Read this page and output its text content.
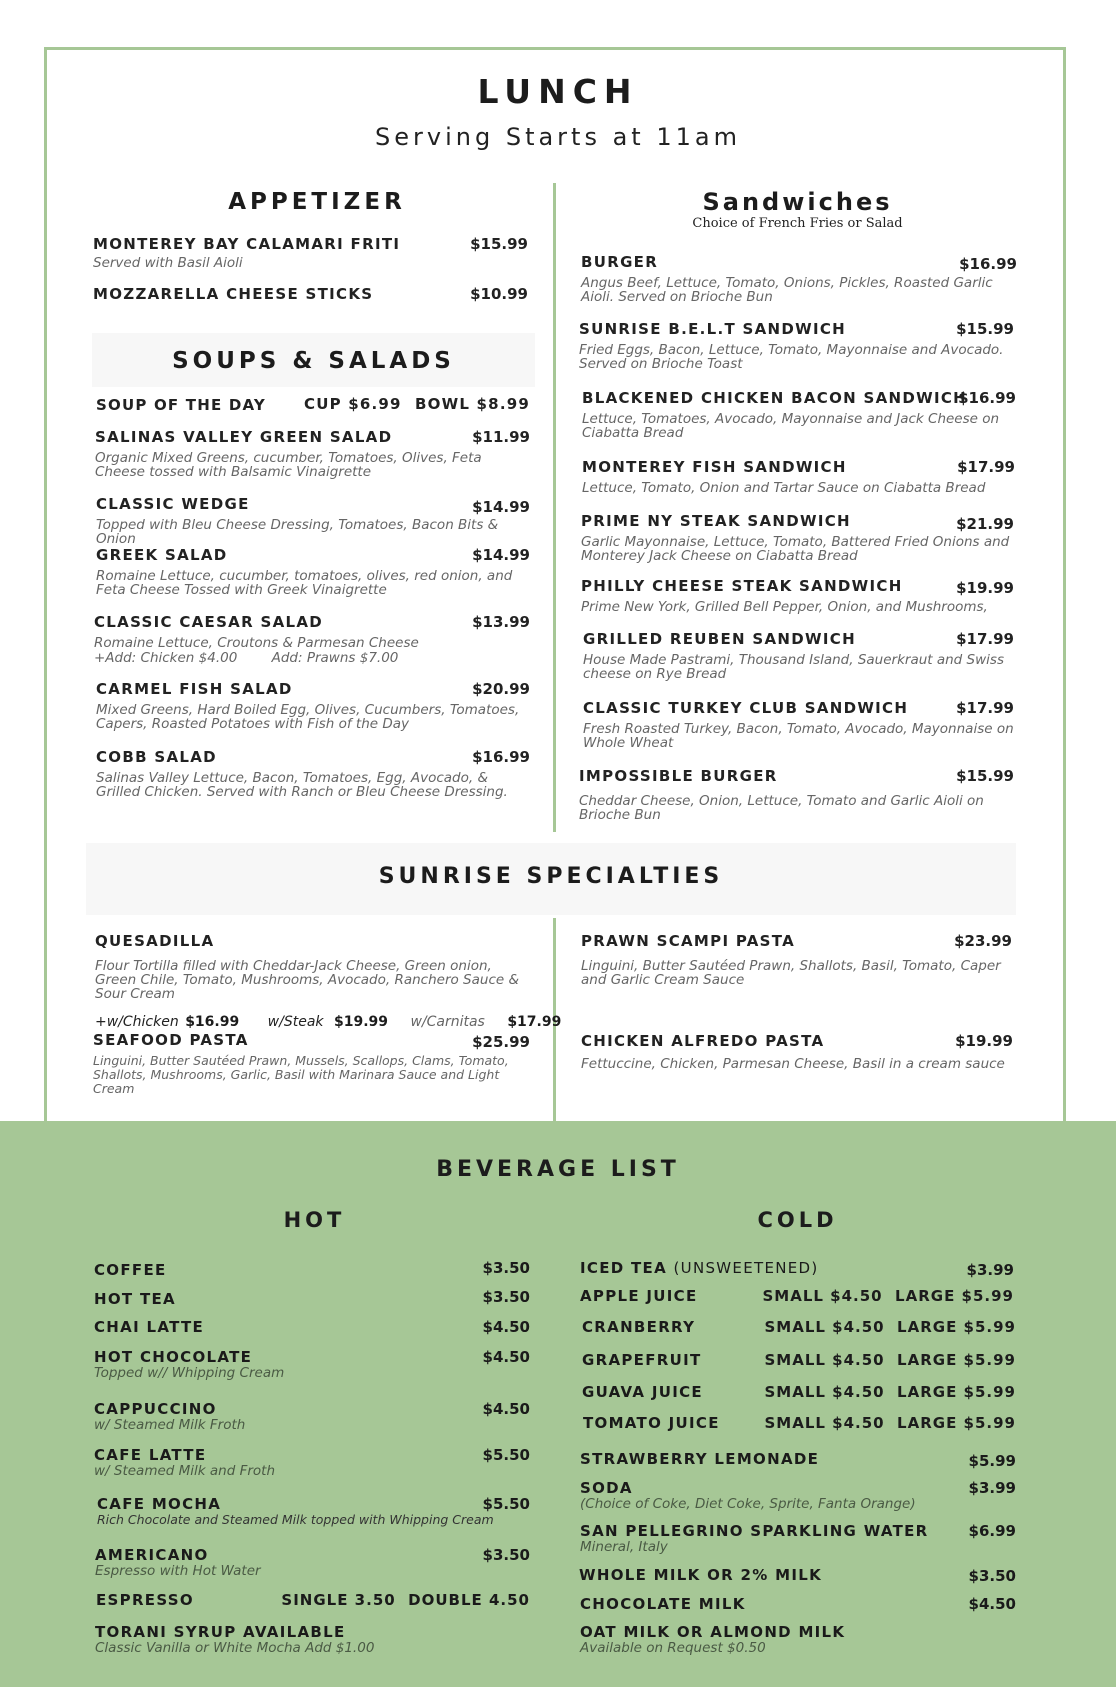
LUNCH

Serving Starts at 11am

APPETIZER
MONTEREY BAY CALAMARI FRITI	$15.99
Served with Basil Aioli
MOZZARELLA CHEESE STICKS	$10.99
SOUPS & SALADS
SOUP OF THE DAY	CUP $6.99 BOWL $8.99
SALINAS VALLEY GREEN SALAD	$11.99
Organic Mixed Greens, cucumber, Tomatoes, Olives, Feta Cheese tossed with Balsamic Vinaigrette
CLASSIC WEDGE	$14.99
Topped with Bleu Cheese Dressing, Tomatoes, Bacon Bits & Onion
GREEK SALAD	$14.99
Romaine Lettuce, cucumber, tomatoes, olives, red onion, and Feta Cheese Tossed with Greek Vinaigrette
CLASSIC CAESAR SALAD	$13.99
Romaine Lettuce, Croutons & Parmesan Cheese
+Add: Chicken $4.00        Add: Prawns $7.00
CARMEL FISH SALAD	$20.99
Mixed Greens, Hard Boiled Egg, Olives, Cucumbers, Tomatoes, Capers, Roasted Potatoes with Fish of the Day
COBB SALAD	$16.99
Salinas Valley Lettuce, Bacon, Tomatoes, Egg, Avocado, & Grilled Chicken. Served with Ranch or Bleu Cheese Dressing.
Sandwiches
Choice of French Fries or Salad
BURGER	$16.99
Angus Beef, Lettuce, Tomato, Onions, Pickles, Roasted Garlic Aioli. Served on Brioche Bun
SUNRISE B.E.L.T SANDWICH	$15.99
Fried Eggs, Bacon, Lettuce, Tomato, Mayonnaise and Avocado. Served on Brioche Toast
BLACKENED CHICKEN BACON SANDWICH
$16.99
Lettuce, Tomatoes, Avocado, Mayonnaise and Jack Cheese on Ciabatta Bread
MONTEREY FISH SANDWICH	$17.99
Lettuce, Tomato, Onion and Tartar Sauce on Ciabatta Bread
PRIME NY STEAK SANDWICH	$21.99
Garlic Mayonnaise, Lettuce, Tomato, Battered Fried Onions and Monterey Jack Cheese on Ciabatta Bread
PHILLY CHEESE STEAK SANDWICH	$19.99
Prime New York, Grilled Bell Pepper, Onion, and Mushrooms,
GRILLED REUBEN SANDWICH	$17.99
House Made Pastrami, Thousand Island, Sauerkraut and Swiss cheese on Rye Bread
CLASSIC TURKEY CLUB SANDWICH	$17.99
Fresh Roasted Turkey, Bacon, Tomato, Avocado, Mayonnaise on Whole Wheat
IMPOSSIBLE BURGER	$15.99
Cheddar Cheese, Onion, Lettuce, Tomato and Garlic Aioli on Brioche Bun
SUNRISE SPECIALTIES
QUESADILLA
Flour Tortilla filled with Cheddar-Jack Cheese, Green onion, Green Chile, Tomato, Mushrooms, Avocado, Ranchero Sauce & Sour Cream
+w/Chicken $16.99 w/Steak $19.99 w/Carnitas $17.99
SEAFOOD PASTA	$25.99
Linguini, Butter Sautéed Prawn, Mussels, Scallops, Clams, Tomato, Shallots, Mushrooms, Garlic, Basil with Marinara Sauce and Light Cream
PRAWN SCAMPI PASTA	$23.99
Linguini, Butter Sautéed Prawn, Shallots, Basil, Tomato, Caper and Garlic Cream Sauce
CHICKEN ALFREDO PASTA	$19.99
Fettuccine, Chicken, Parmesan Cheese, Basil in a cream sauce
BEVERAGE LIST
HOT	COLD
COFFEE	$3.50
HOT TEA	$3.50
CHAI LATTE	$4.50
HOT CHOCOLATE	$4.50
Topped w// Whipping Cream
CAPPUCCINO	$4.50
w/ Steamed Milk Froth
CAFE LATTE	$5.50
w/ Steamed Milk and Froth
CAFE MOCHA	$5.50
Rich Chocolate and Steamed Milk topped with Whipping Cream
AMERICANO	$3.50
Espresso with Hot Water
ESPRESSO	SINGLE 3.50  DOUBLE 4.50
TORANI SYRUP AVAILABLE
Classic Vanilla or White Mocha Add $1.00
ICED TEA (UNSWEETENED)	$3.99
APPLE JUICE	SMALL $4.50  LARGE $5.99
CRANBERRY	SMALL $4.50  LARGE $5.99
GRAPEFRUIT	SMALL $4.50  LARGE $5.99
GUAVA JUICE	SMALL $4.50  LARGE $5.99
TOMATO JUICE	SMALL $4.50  LARGE $5.99
STRAWBERRY LEMONADE	$5.99
SODA	$3.99
(Choice of Coke, Diet Coke, Sprite, Fanta Orange)
SAN PELLEGRINO SPARKLING WATER	$6.99
Mineral, Italy
WHOLE MILK OR 2% MILK	$3.50
CHOCOLATE MILK	$4.50
OAT MILK OR ALMOND MILK
Available on Request $0.50
